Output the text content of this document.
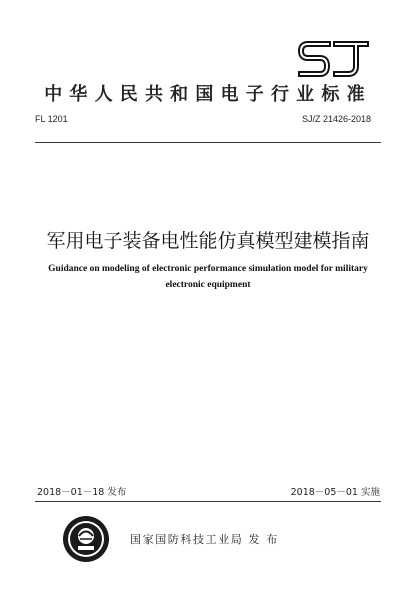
中华人民共和国电子行业标准
FL 1201	SJ/Z 21426-2018
军用电子装备电性能仿真模型建模指南
Guidance on modeling of electronic performance simulation model for military
electronic equipment
2018－01－18 发布	2018－05－01 实施
国家国防科技工业局 发 布
